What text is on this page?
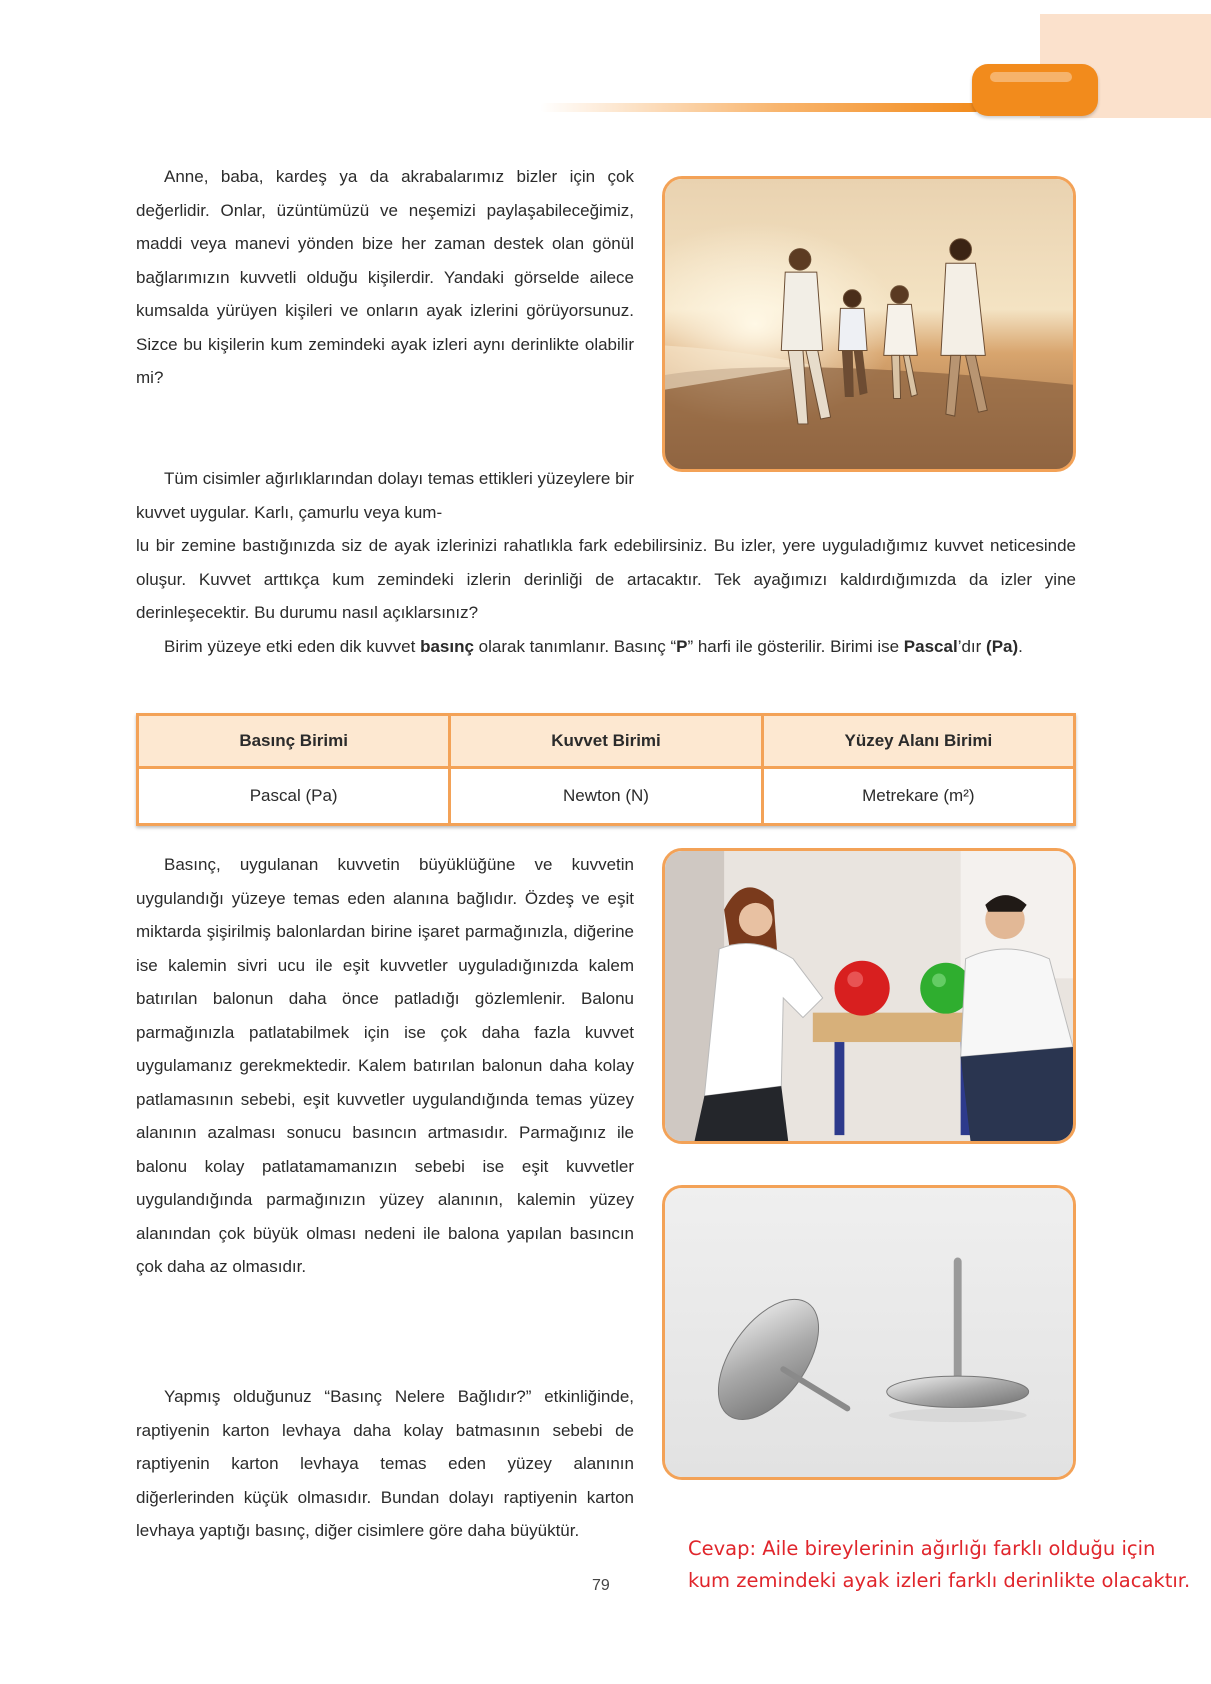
Anne, baba, kardeş ya da akrabalarımız bizler için çok değerlidir. Onlar, üzüntümüzü ve neşemizi paylaşabileceğimiz, maddi veya manevi yönden bize her zaman destek olan gönül bağlarımızın kuvvetli olduğu kişilerdir. Yandaki görselde ailece kumsalda yürüyen kişileri ve onların ayak izlerini görüyorsunuz. Sizce bu kişilerin kum zemindeki ayak izleri aynı derinlikte olabilir mi?

Tüm cisimler ağırlıklarından dolayı temas ettikleri yüzeylere bir kuvvet uygular. Karlı, çamurlu veya kum-

lu bir zemine bastığınızda siz de ayak izlerinizi rahatlıkla fark edebilirsiniz. Bu izler, yere uyguladığımız kuvvet neticesinde oluşur. Kuvvet arttıkça kum zemindeki izlerin derinliği de artacaktır. Tek ayağımızı kaldırdığımızda da izler yine derinleşecektir. Bu durumu nasıl açıklarsınız?

Birim yüzeye etki eden dik kuvvet basınç olarak tanımlanır. Basınç “P” harfi ile gösterilir. Birimi ise Pascal’dır (Pa).

Basınç Birimi	Kuvvet Birimi	Yüzey Alanı Birimi
Pascal (Pa)	Newton (N)	Metrekare (m²)

Basınç, uygulanan kuvvetin büyüklüğüne ve kuvvetin uygulandığı yüzeye temas eden alanına bağlıdır. Özdeş ve eşit miktarda şişirilmiş balonlardan birine işaret parmağınızla, diğerine ise kalemin sivri ucu ile eşit kuvvetler uyguladığınızda kalem batırılan balonun daha önce patladığı gözlemlenir. Balonu parmağınızla patlatabilmek için ise çok daha fazla kuvvet uygulamanız gerekmektedir. Kalem batırılan balonun daha kolay patlamasının sebebi, eşit kuvvetler uygulandığında temas yüzey alanının azalması sonucu basıncın artmasıdır. Parmağınız ile balonu kolay patlatamamanızın sebebi ise eşit kuvvetler uygulandığında parmağınızın yüzey alanının, kalemin yüzey alanından çok büyük olması nedeni ile balona yapılan basıncın çok daha az olmasıdır.

Yapmış olduğunuz “Basınç Nelere Bağlıdır?” etkinliğinde, raptiyenin karton levhaya daha kolay batmasının sebebi de raptiyenin karton levhaya temas eden yüzey alanının diğerlerinden küçük olmasıdır. Bundan dolayı raptiyenin karton levhaya yaptığı basınç, diğer cisimlere göre daha büyüktür.

79
Cevap: Aile bireylerinin ağırlığı farklı olduğu için kum zemindeki ayak izleri farklı derinlikte olacaktır.
